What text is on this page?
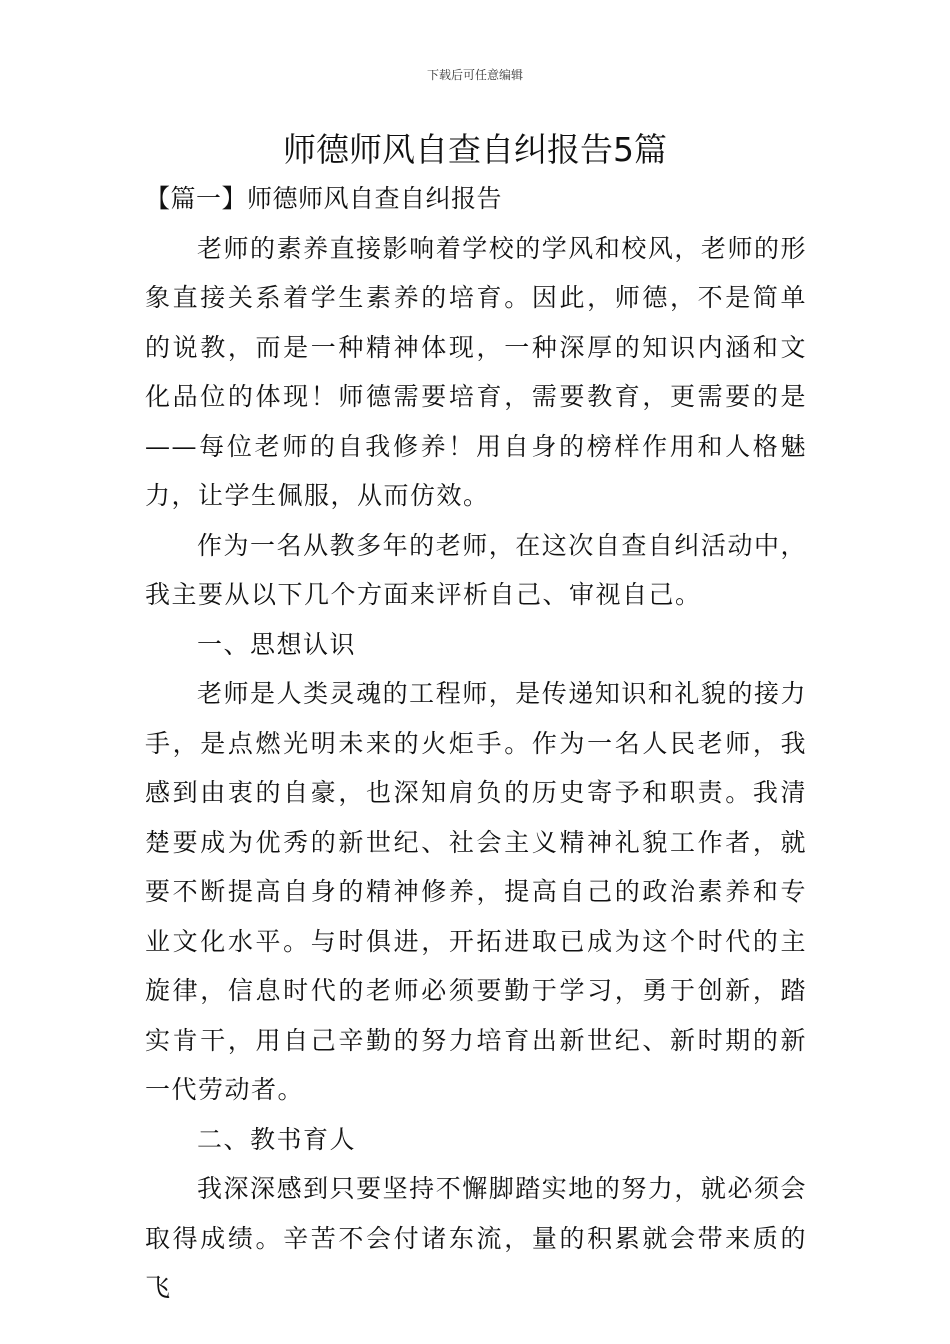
下载后可任意编辑
师德师风自查自纠报告5篇

【篇一】师德师风自查自纠报告

老师的素养直接影响着学校的学风和校风，老师的形象直接关系着学生素养的培育。因此，师德，不是简单的说教，而是一种精神体现，一种深厚的知识内涵和文化品位的体现！师德需要培育，需要教育，更需要的是——每位老师的自我修养！用自身的榜样作用和人格魅力，让学生佩服，从而仿效。

作为一名从教多年的老师，在这次自查自纠活动中，我主要从以下几个方面来评析自己、审视自己。

一、思想认识

老师是人类灵魂的工程师，是传递知识和礼貌的接力手，是点燃光明未来的火炬手。作为一名人民老师，我感到由衷的自豪，也深知肩负的历史寄予和职责。我清楚要成为优秀的新世纪、社会主义精神礼貌工作者，就要不断提高自身的精神修养，提高自己的政治素养和专业文化水平。与时俱进，开拓进取已成为这个时代的主旋律，信息时代的老师必须要勤于学习，勇于创新，踏实肯干，用自己辛勤的努力培育出新世纪、新时期的新一代劳动者。

二、教书育人

我深深感到只要坚持不懈脚踏实地的努力，就必须会取得成绩。辛苦不会付诸东流，量的积累就会带来质的飞
